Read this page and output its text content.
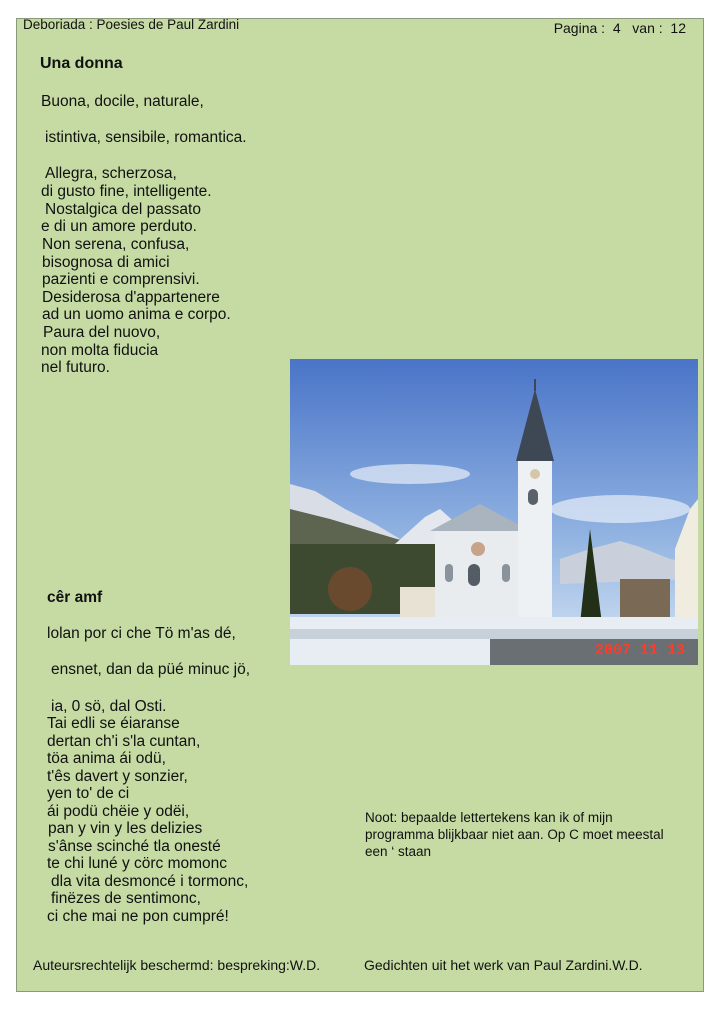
Deboriada : Poesies de Paul Zardini	Pagina :  4   van :  12
Una donna
Buona, docile, naturale,
istintiva, sensibile, romantica.
Allegra, scherzosa,
di gusto fine, intelligente.
Nostalgica del passato
e di un amore perduto.
Non serena, confusa,
bisognosa di amici
pazienti e comprensivi.
Desiderosa d'appartenere
ad un uomo anima e corpo.
Paura del nuovo,
non molta fiducia
nel futuro.
2007 11 13
cêr amf
lolan por ci che Tö m'as dé,
ensnet, dan da püé minuc jö,
ia, 0 sö, dal Osti.
Tai edli se éiaranse
dertan ch'i s'la cuntan,
töa anima ái odü,
t'ês davert y sonzier,
yen to' de ci
ái podü chëie y odëi,
pan y vin y les delizies
s'ânse scinché tla onesté
te chi luné y cörc momonc
dla vita desmoncé i tormonc,
finëzes de sentimonc,
ci che mai ne pon cumpré!
Noot: bepaalde lettertekens kan ik of mijn programma blijkbaar niet aan. Op C moet meestal een ‘ staan
Auteursrechtelijk beschermd: bespreking:W.D.	Gedichten uit het werk van Paul Zardini.W.D.
